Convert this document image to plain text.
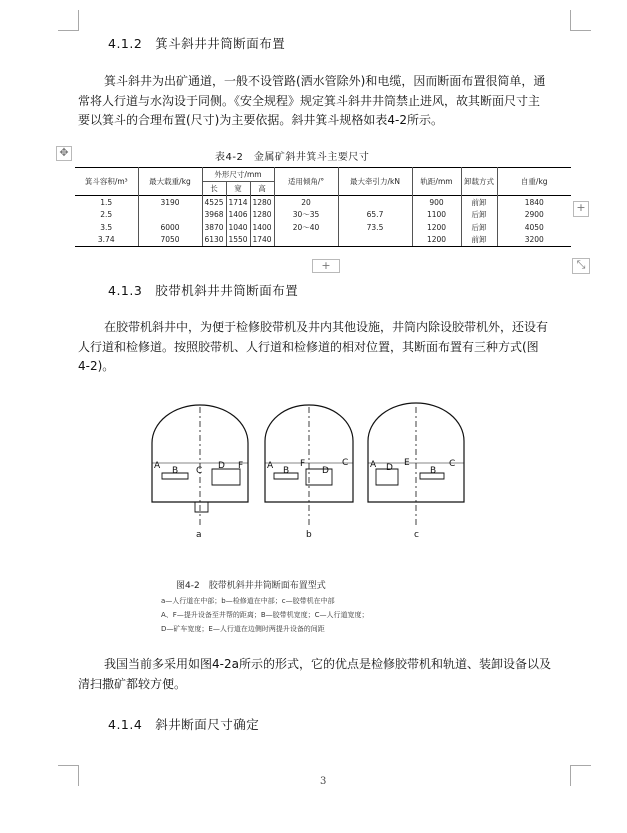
4.1.2　箕斗斜井井筒断面布置
箕斗斜井为出矿通道，一般不设管路(洒水管除外)和电缆，因而断面布置很简单，通
常将人行道与水沟设于同侧。《安全规程》规定箕斗斜井井筒禁止进风，故其断面尺寸主
要以箕斗的合理布置(尺寸)为主要依据。斜井箕斗规格如表4-2所示。
✥	表4-2　金属矿斜井箕斗主要尺寸
箕斗容积/m³	最大载重/kg	外形尺寸/mm			适用倾角/°	最大牵引力/kN	轨距/mm	卸载方式	自重/kg
		长	宽	高					
1.5	3190	4525	1714	1280	20		900	前卸	1840
2.5		3968	1406	1280	30～35	65.7	1100	后卸	2900
3.5	6000	3870	1040	1400	20～40	73.5	1200	后卸	4050
3.74	7050	6130	1550	1740			1200	前卸	3200
+
+	⤡
4.1.3　胶带机斜井井筒断面布置
在胶带机斜井中，为便于检修胶带机及井内其他设施，井筒内除设胶带机外，还设有
人行道和检修道。按照胶带机、人行道和检修道的相对位置，其断面布置有三种方式(图
4-2)。
A B C D F
a
A B
F
D
C
b
A D E
B
C
c
图4-2　胶带机斜井井筒断面布置型式
a—人行道在中部；b—检修道在中部；c—胶带机在中部
A、F—提升设备至井帮的距离；B—胶带机宽度；C—人行道宽度；
D—矿车宽度；E—人行道在边侧时两提升设备的间距
我国当前多采用如图4-2a所示的形式，它的优点是检修胶带机和轨道、装卸设备以及
清扫撒矿都较方便。
4.1.4　斜井断面尺寸确定
3
